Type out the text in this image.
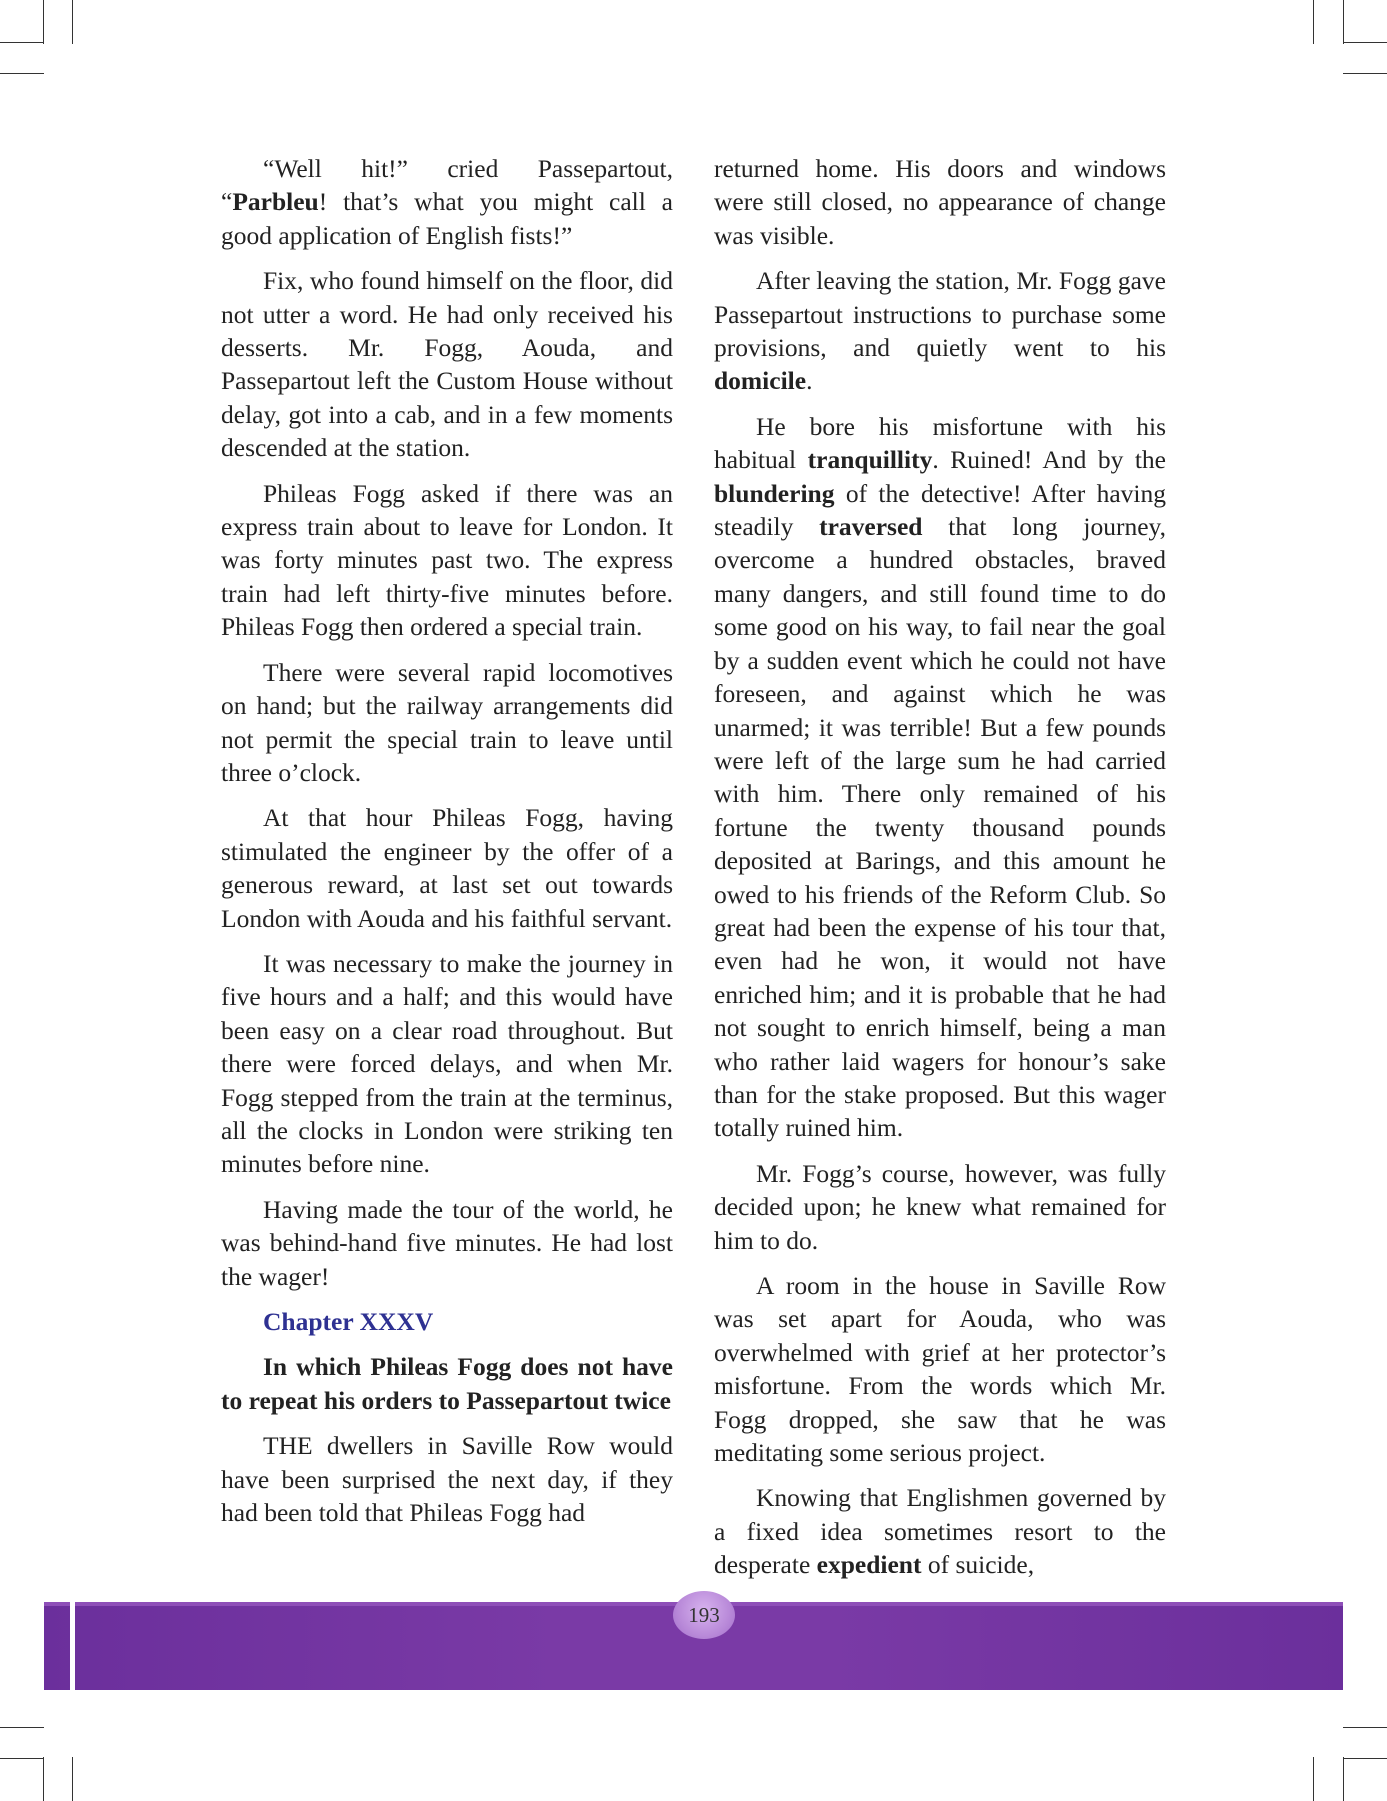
“Well hit!” cried Passepartout, “Parbleu! that’s what you might call a good application of English fists!”

Fix, who found himself on the floor, did not utter a word. He had only received his desserts. Mr. Fogg, Aouda, and Passepartout left the Custom House without delay, got into a cab, and in a few moments descended at the station.

Phileas Fogg asked if there was an express train about to leave for London. It was forty minutes past two. The express train had left thirty-five minutes before. Phileas Fogg then ordered a special train.

There were several rapid locomotives on hand; but the railway arrangements did not permit the special train to leave until three o’clock.

At that hour Phileas Fogg, having stimulated the engineer by the offer of a generous reward, at last set out towards London with Aouda and his faithful servant.

It was necessary to make the journey in five hours and a half; and this would have been easy on a clear road throughout. But there were forced delays, and when Mr. Fogg stepped from the train at the terminus, all the clocks in London were striking ten minutes before nine.

Having made the tour of the world, he was behind-hand five minutes. He had lost the wager!

Chapter XXXV

In which Phileas Fogg does not have to repeat his orders to Passepartout twice

THE dwellers in Saville Row would have been surprised the next day, if they had been told that Phileas Fogg had

returned home. His doors and windows were still closed, no appearance of change was visible.

After leaving the station, Mr. Fogg gave Passepartout instructions to purchase some provisions, and quietly went to his domicile.

He bore his misfortune with his habitual tranquillity. Ruined! And by the blundering of the detective! After having steadily traversed that long journey, overcome a hundred obstacles, braved many dangers, and still found time to do some good on his way, to fail near the goal by a sudden event which he could not have foreseen, and against which he was unarmed; it was terrible! But a few pounds were left of the large sum he had carried with him. There only remained of his fortune the twenty thousand pounds deposited at Barings, and this amount he owed to his friends of the Reform Club. So great had been the expense of his tour that, even had he won, it would not have enriched him; and it is probable that he had not sought to enrich himself, being a man who rather laid wagers for honour’s sake than for the stake proposed. But this wager totally ruined him.

Mr. Fogg’s course, however, was fully decided upon; he knew what remained for him to do.

A room in the house in Saville Row was set apart for Aouda, who was overwhelmed with grief at her protector’s misfortune. From the words which Mr. Fogg dropped, she saw that he was meditating some serious project.

Knowing that Englishmen governed by a fixed idea sometimes resort to the desperate expedient of suicide,

193
